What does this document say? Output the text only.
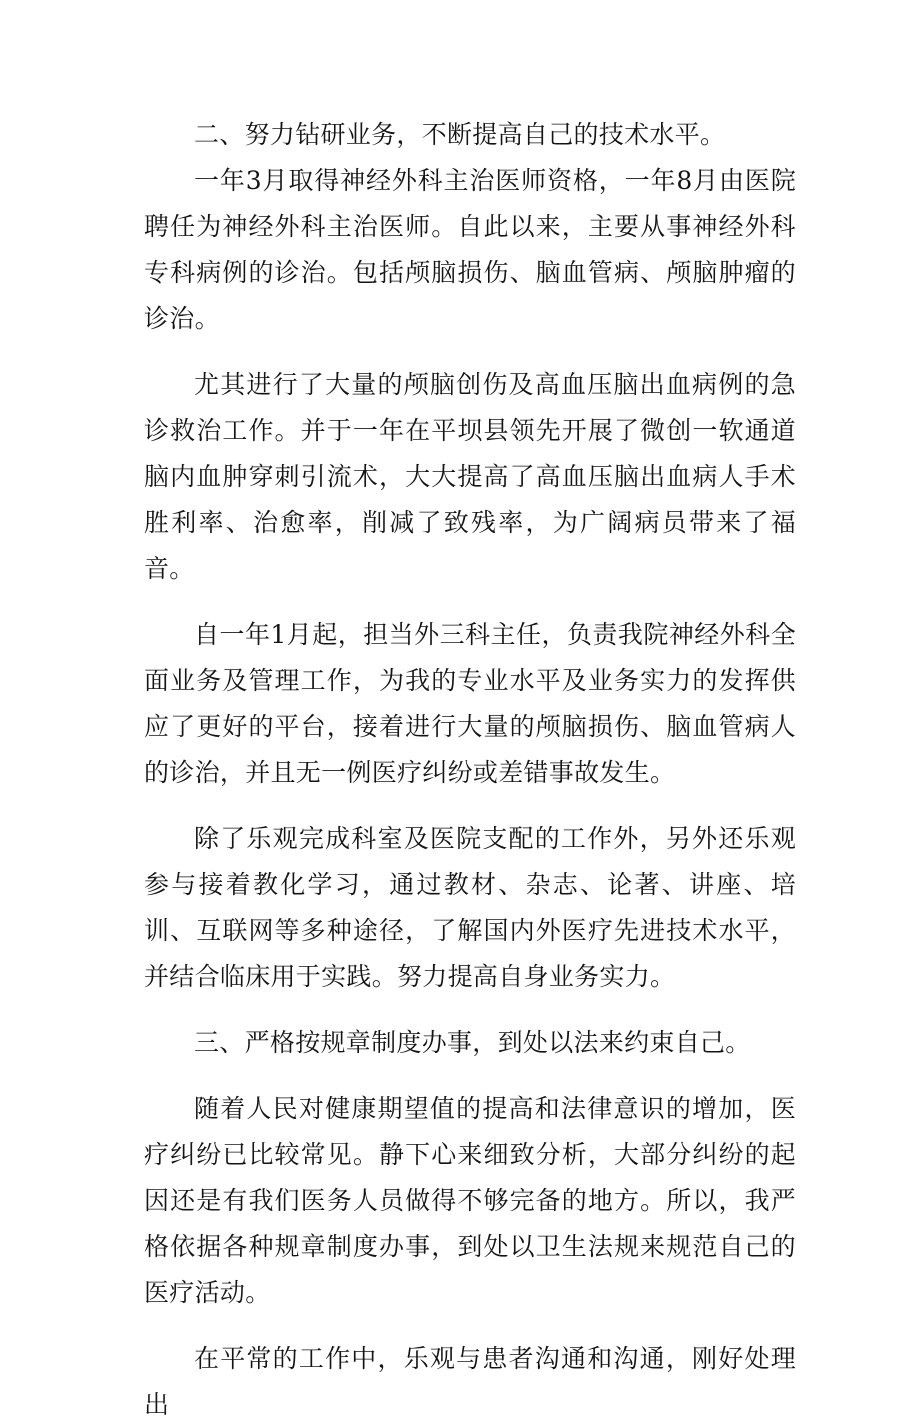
二、努力钻研业务，不断提高自己的技术水平。

一年3月取得神经外科主治医师资格，一年8月由医院聘任为神经外科主治医师。自此以来，主要从事神经外科专科病例的诊治。包括颅脑损伤、脑血管病、颅脑肿瘤的诊治。

尤其进行了大量的颅脑创伤及高血压脑出血病例的急诊救治工作。并于一年在平坝县领先开展了微创一软通道脑内血肿穿刺引流术，大大提高了高血压脑出血病人手术胜利率、治愈率，削减了致残率，为广阔病员带来了福音。

自一年1月起，担当外三科主任，负责我院神经外科全面业务及管理工作，为我的专业水平及业务实力的发挥供应了更好的平台，接着进行大量的颅脑损伤、脑血管病人的诊治，并且无一例医疗纠纷或差错事故发生。

除了乐观完成科室及医院支配的工作外，另外还乐观参与接着教化学习，通过教材、杂志、论著、讲座、培训、互联网等多种途径，了解国内外医疗先进技术水平，并结合临床用于实践。努力提高自身业务实力。

三、严格按规章制度办事，到处以法来约束自己。

随着人民对健康期望值的提高和法律意识的增加，医疗纠纷已比较常见。静下心来细致分析，大部分纠纷的起因还是有我们医务人员做得不够完备的地方。所以，我严格依据各种规章制度办事，到处以卫生法规来规范自己的医疗活动。

在平常的工作中，乐观与患者沟通和沟通，刚好处理出
